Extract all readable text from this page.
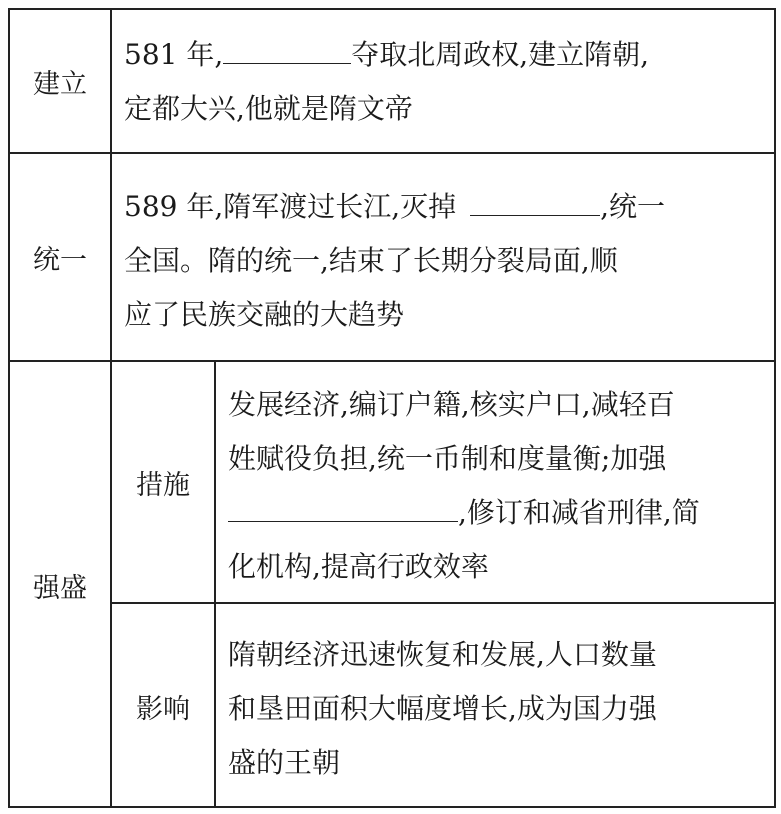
建立
581 年,	夺取北周政权,建立隋朝,
定都大兴,他就是隋文帝
统一
589 年,隋军渡过长江,灭掉	,统一
全国。隋的统一,结束了长期分裂局面,顺
应了民族交融的大趋势
强盛
措施
发展经济,编订户籍,核实户口,减轻百
姓赋役负担,统一币制和度量衡;加强
,修订和减省刑律,简
化机构,提高行政效率
影响
隋朝经济迅速恢复和发展,人口数量
和垦田面积大幅度增长,成为国力强
盛的王朝
